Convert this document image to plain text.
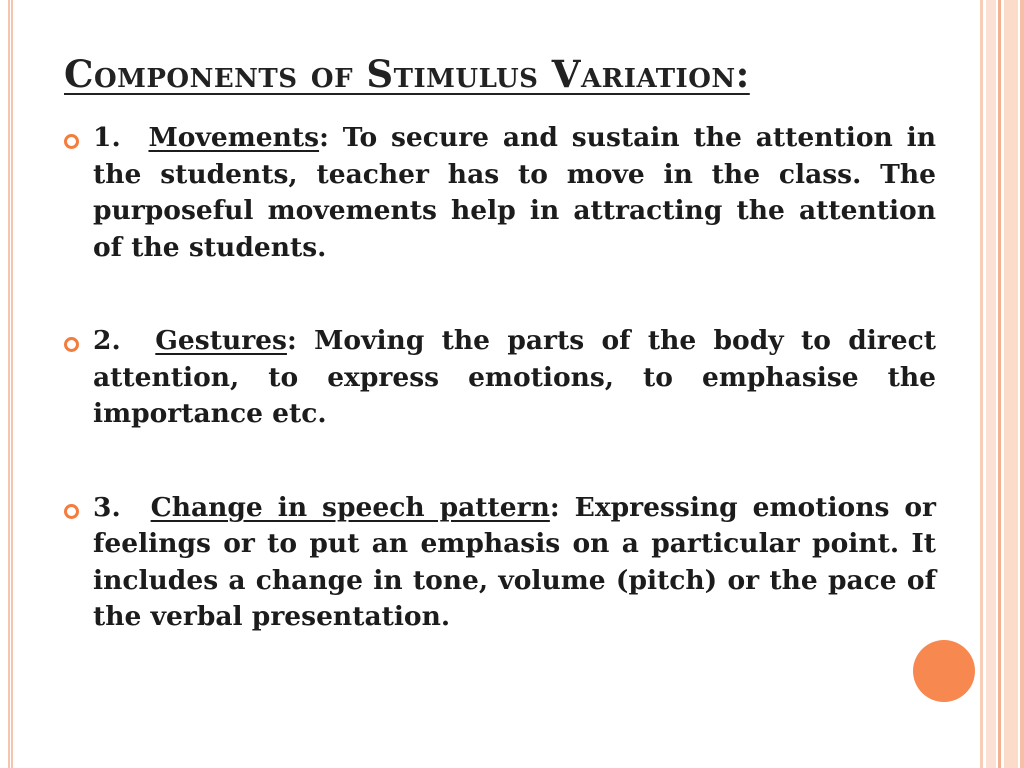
Components of Stimulus Variation:
1. Movements: To secure and sustain the attention in the students, teacher has to move in the class. The purposeful movements help in attracting the attention of the students.
2. Gestures: Moving the parts of the body to direct attention, to express emotions, to emphasise the importance etc.
3. Change in speech pattern: Expressing emotions or feelings or to put an emphasis on a particular point. It includes a change in tone, volume (pitch) or the pace of the verbal presentation.
